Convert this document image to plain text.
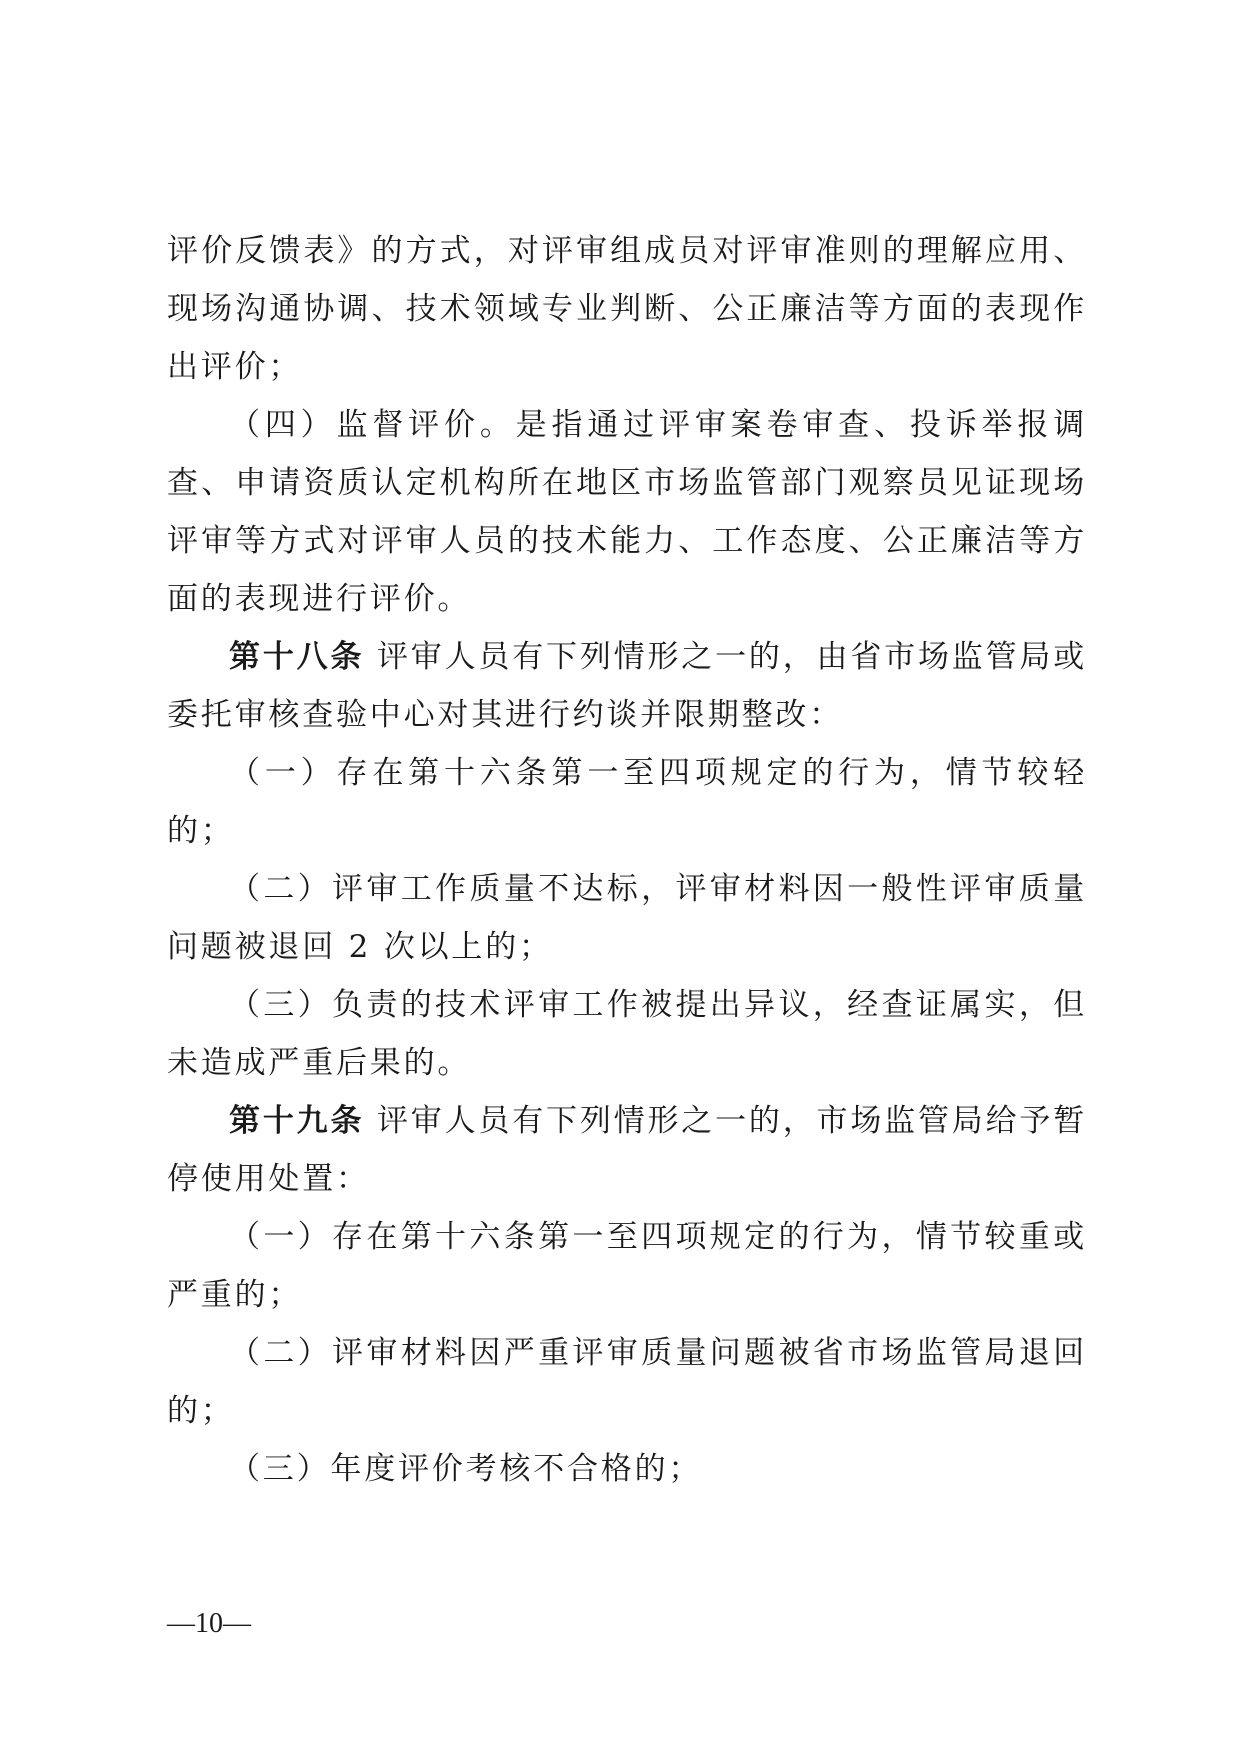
评价反馈表》的方式，对评审组成员对评审准则的理解应用、现场沟通协调、技术领域专业判断、公正廉洁等方面的表现作出评价；

（四）监督评价。是指通过评审案卷审查、投诉举报调查、申请资质认定机构所在地区市场监管部门观察员见证现场评审等方式对评审人员的技术能力、工作态度、公正廉洁等方面的表现进行评价。

第十八条 评审人员有下列情形之一的，由省市场监管局或委托审核查验中心对其进行约谈并限期整改：

（一）存在第十六条第一至四项规定的行为，情节较轻的；

（二）评审工作质量不达标，评审材料因一般性评审质量问题被退回 2 次以上的；

（三）负责的技术评审工作被提出异议，经查证属实，但未造成严重后果的。

第十九条 评审人员有下列情形之一的，市场监管局给予暂停使用处置：

（一）存在第十六条第一至四项规定的行为，情节较重或严重的；

（二）评审材料因严重评审质量问题被省市场监管局退回的；

（三）年度评价考核不合格的；

—10—
